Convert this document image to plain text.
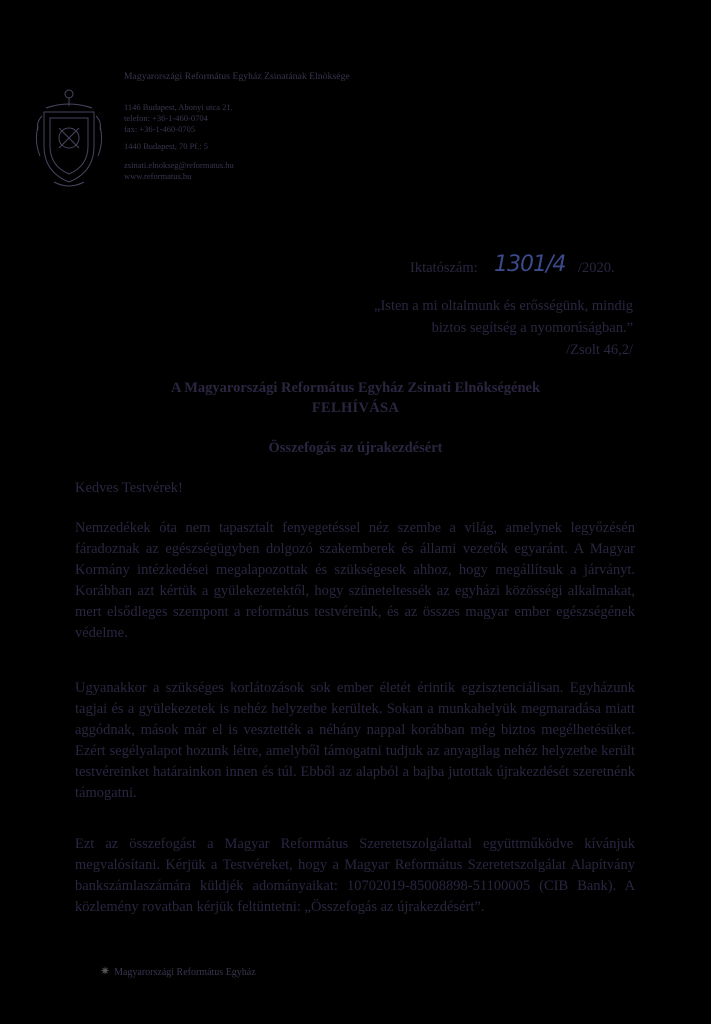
Magyarországi Református Egyház Zsinatának Elnöksége
1146 Budapest, Abonyi utca 21.
telefon: +36-1-460-0704
fax: +36-1-460-0705
1440 Budapest, 70 Pf.: 5
zsinati.elnokseg@reformatus.hu
www.reformatus.hu
Iktatószám: 1301/4 /2020.
„Isten a mi oltalmunk és erősségünk, mindig
biztos segítség a nyomorúságban.”
/Zsolt 46,2/
A Magyarországi Református Egyház Zsinati Elnökségének
FELHÍVÁSA
Összefogás az újrakezdésért
Kedves Testvérek!
Nemzedékek óta nem tapasztalt fenyegetéssel néz szembe a világ, amelynek legyőzésén fáradoznak az egészségügyben dolgozó szakemberek és állami vezetők egyaránt. A Magyar Kormány intézkedései megalapozottak és szükségesek ahhoz, hogy megállítsuk a járványt. Korábban azt kértük a gyülekezetektől, hogy szüneteltessék az egyházi közösségi alkalmakat, mert elsődleges szempont a református testvéreink, és az összes magyar ember egészségének védelme.
Ugyanakkor a szükséges korlátozások sok ember életét érintik egzisztenciálisan. Egyházunk tagjai és a gyülekezetek is nehéz helyzetbe kerültek. Sokan a munkahelyük megmaradása miatt aggódnak, mások már el is vesztették a néhány nappal korábban még biztos megélhetésüket. Ezért segélyalapot hozunk létre, amelyből támogatni tudjuk az anyagilag nehéz helyzetbe került testvéreinket határainkon innen és túl. Ebből az alapból a bajba jutottak újrakezdését szeretnénk támogatni.
Ezt az összefogást a Magyar Református Szeretetszolgálattal együttműködve kívánjuk megvalósítani. Kérjük a Testvéreket, hogy a Magyar Református Szeretetszolgálat Alapítvány bankszámlaszámára küldjék adományaikat: 10702019-85008898-51100005 (CIB Bank). A közlemény rovatban kérjük feltüntetni: „Összefogás az újrakezdésért”.
✷ Magyarországi Református Egyház
